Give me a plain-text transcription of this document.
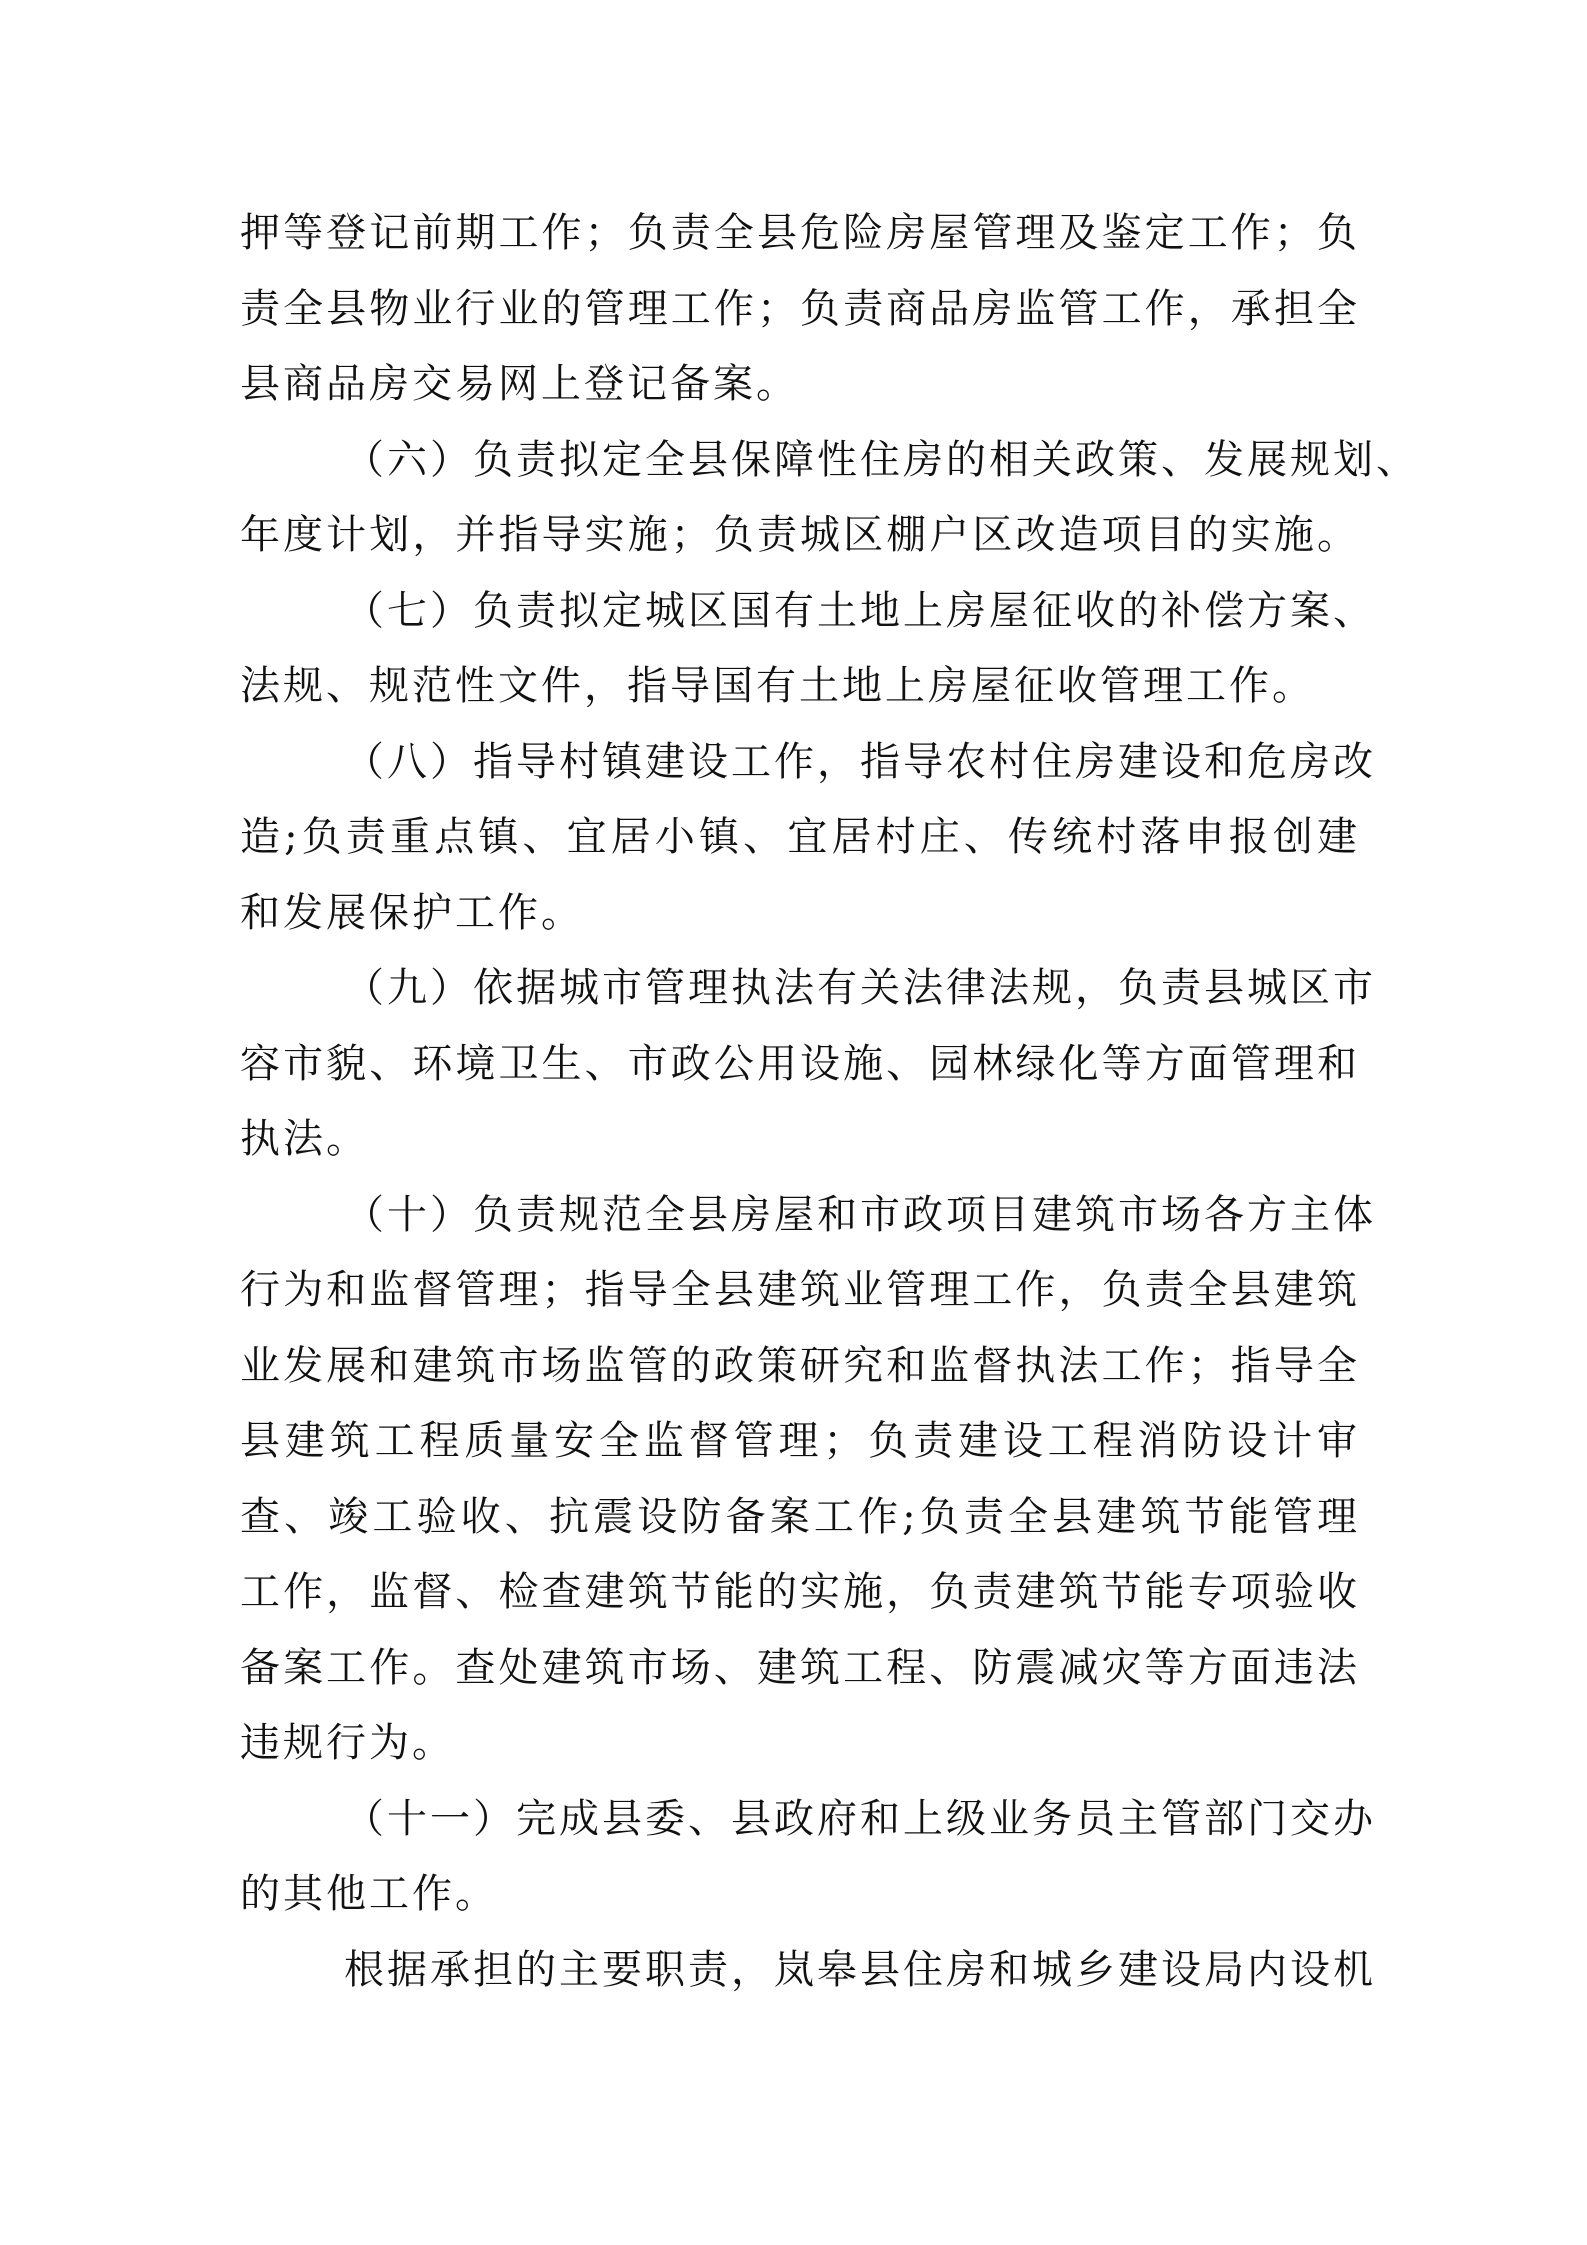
押 等 登 记 前 期 工 作 ； 负 责 全 县 危 险 房 屋 管 理 及 鉴 定 工 作 ； 负
责 全 县 物 业 行 业 的 管 理 工 作 ； 负 责 商 品 房 监 管 工 作 ， 承 担 全
县商品房交易网上登记备案。
（ 六 ） 负 责 拟 定 全 县 保 障 性 住 房 的 相 关 政 策 、 发 展 规 划 、
年 度 计 划 ， 并 指 导 实 施 ； 负 责 城 区 棚 户 区 改 造 项 目 的 实 施 。
（ 七 ） 负 责 拟 定 城 区 国 有 土 地 上 房 屋 征 收 的 补 偿 方 案 、
法规、规范性文件，指导国有土地上房屋征收管理工作。
（ 八 ） 指 导 村 镇 建 设 工 作 ， 指 导 农 村 住 房 建 设 和 危 房 改
造 ; 负 责 重 点 镇 、 宜 居 小 镇 、 宜 居 村 庄 、 传 统 村 落 申 报 创 建
和发展保护工作。
（ 九 ） 依 据 城 市 管 理 执 法 有 关 法 律 法 规 ， 负 责 县 城 区 市
容 市 貌 、 环 境 卫 生 、 市 政 公 用 设 施 、 园 林 绿 化 等 方 面 管 理 和
执法。
（ 十 ） 负 责 规 范 全 县 房 屋 和 市 政 项 目 建 筑 市 场 各 方 主 体
行 为 和 监 督 管 理 ； 指 导 全 县 建 筑 业 管 理 工 作 ， 负 责 全 县 建 筑
业 发 展 和 建 筑 市 场 监 管 的 政 策 研 究 和 监 督 执 法 工 作 ； 指 导 全
县 建 筑 工 程 质 量 安 全 监 督 管 理 ； 负 责 建 设 工 程 消 防 设 计 审
查 、 竣 工 验 收 、 抗 震 设 防 备 案 工 作 ; 负 责 全 县 建 筑 节 能 管 理
工 作 ， 监 督 、 检 查 建 筑 节 能 的 实 施 ， 负 责 建 筑 节 能 专 项 验 收
备 案 工 作 。 查 处 建 筑 市 场 、 建 筑 工 程 、 防 震 减 灾 等 方 面 违 法
违规行为。
（ 十 一 ） 完 成 县 委 、 县 政 府 和 上 级 业 务 员 主 管 部 门 交 办
的其他工作。
根 据 承 担 的 主 要 职 责 ， 岚 皋 县 住 房 和 城 乡 建 设 局 内 设 机
